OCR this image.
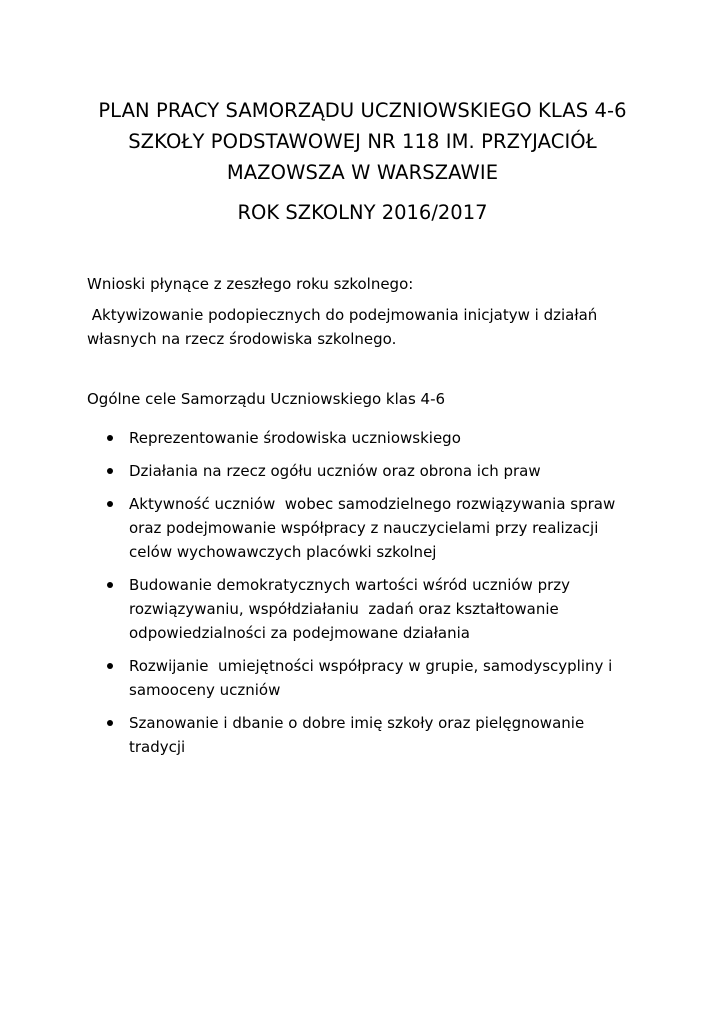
PLAN PRACY SAMORZĄDU UCZNIOWSKIEGO KLAS 4-6
SZKOŁY PODSTAWOWEJ NR 118 IM. PRZYJACIÓŁ
MAZOWSZA W WARSZAWIE
ROK SZKOLNY 2016/2017
Wnioski płynące z zeszłego roku szkolnego:
Aktywizowanie podopiecznych do podejmowania inicjatyw i działań
własnych na rzecz środowiska szkolnego.
Ogólne cele Samorządu Uczniowskiego klas 4-6
Reprezentowanie środowiska uczniowskiego
Działania na rzecz ogółu uczniów oraz obrona ich praw
Aktywność uczniów  wobec samodzielnego rozwiązywania spraw
oraz podejmowanie współpracy z nauczycielami przy realizacji
celów wychowawczych placówki szkolnej
Budowanie demokratycznych wartości wśród uczniów przy
rozwiązywaniu, współdziałaniu  zadań oraz kształtowanie
odpowiedzialności za podejmowane działania
Rozwijanie  umiejętności współpracy w grupie, samodyscypliny i
samooceny uczniów
Szanowanie i dbanie o dobre imię szkoły oraz pielęgnowanie
tradycji
